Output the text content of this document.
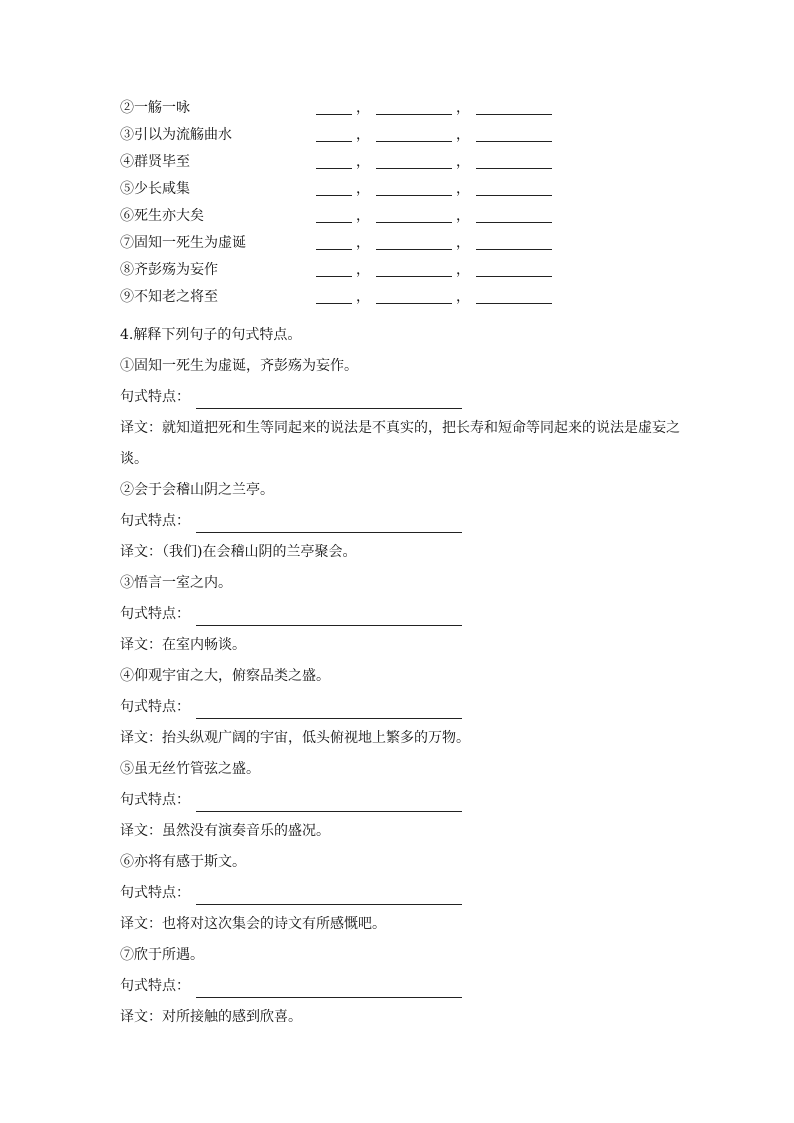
②一觞一咏	，	，
③引以为流觞曲水	，	，
④群贤毕至	，	，
⑤少长咸集	，	，
⑥死生亦大矣	，	，
⑦固知一死生为虚诞	，	，
⑧齐彭殇为妄作	，	，
⑨不知老之将至	，	，
4.解释下列句子的句式特点。
①固知一死生为虚诞，齐彭殇为妄作。
句式特点：
译文：就知道把死和生等同起来的说法是不真实的，把长寿和短命等同起来的说法是虚妄之谈。
②会于会稽山阴之兰亭。
句式特点：
译文：（我们)在会稽山阴的兰亭聚会。
③悟言一室之内。
句式特点：
译文：在室内畅谈。
④仰观宇宙之大，俯察品类之盛。
句式特点：
译文：抬头纵观广阔的宇宙，低头俯视地上繁多的万物。
⑤虽无丝竹管弦之盛。
句式特点：
译文：虽然没有演奏音乐的盛况。
⑥亦将有感于斯文。
句式特点：
译文：也将对这次集会的诗文有所感慨吧。
⑦欣于所遇。
句式特点：
译文：对所接触的感到欣喜。
